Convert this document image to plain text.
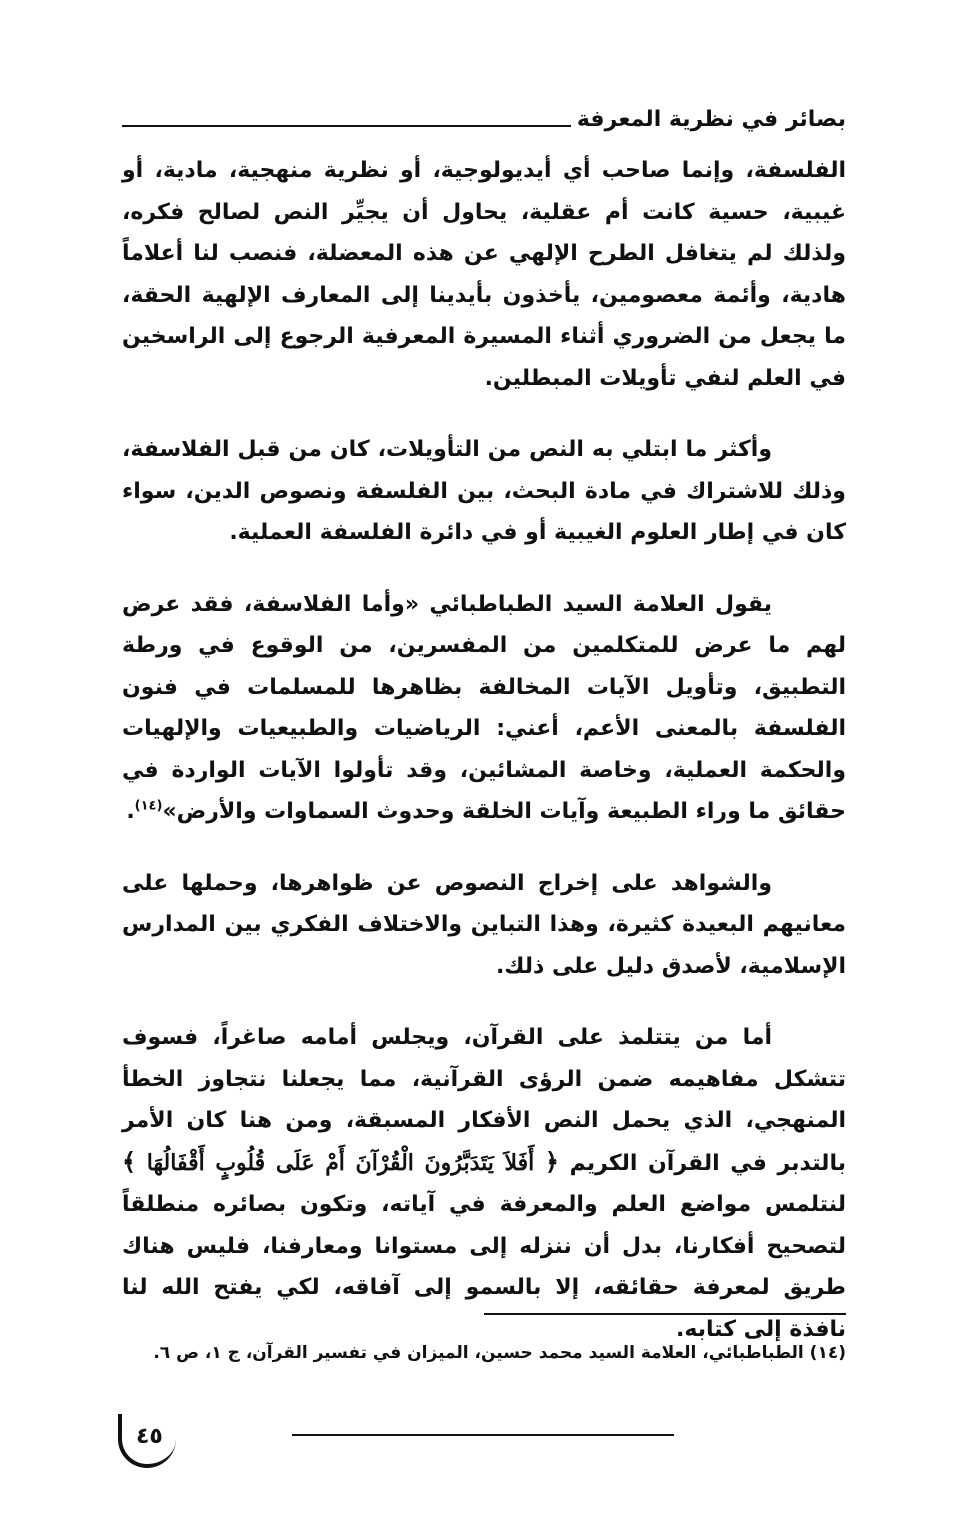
بصائر في نظرية المعرفة

الفلسفة، وإنما صاحب أي أيديولوجية، أو نظرية منهجية، مادية، أو غيبية، حسية كانت أم عقلية، يحاول أن يجيِّر النص لصالح فكره، ولذلك لم يتغافل الطرح الإلهي عن هذه المعضلة، فنصب لنا أعلاماً هادية، وأئمة معصومين، يأخذون بأيدينا إلى المعارف الإلهية الحقة، ما يجعل من الضروري أثناء المسيرة المعرفية الرجوع إلى الراسخين في العلم لنفي تأويلات المبطلين.

وأكثر ما ابتلي به النص من التأويلات، كان من قبل الفلاسفة، وذلك للاشتراك في مادة البحث، بين الفلسفة ونصوص الدين، سواء كان في إطار العلوم الغيبية أو في دائرة الفلسفة العملية.

يقول العلامة السيد الطباطبائي «وأما الفلاسفة، فقد عرض لهم ما عرض للمتكلمين من المفسرين، من الوقوع في ورطة التطبيق، وتأويل الآيات المخالفة بظاهرها للمسلمات في فنون الفلسفة بالمعنى الأعم، أعني: الرياضيات والطبيعيات والإلهيات والحكمة العملية، وخاصة المشائين، وقد تأولوا الآيات الواردة في حقائق ما وراء الطبيعة وآيات الخلقة وحدوث السماوات والأرض»$^{(١٤)}$.

والشواهد على إخراج النصوص عن ظواهرها، وحملها على معانيهم البعيدة كثيرة، وهذا التباين والاختلاف الفكري بين المدارس الإسلامية، لأصدق دليل على ذلك.

أما من يتتلمذ على القرآن، ويجلس أمامه صاغراً، فسوف تتشكل مفاهيمه ضمن الرؤى القرآنية، مما يجعلنا نتجاوز الخطأ المنهجي، الذي يحمل النص الأفكار المسبقة، ومن هنا كان الأمر بالتدبر في القرآن الكريم ﴿ أَفَلاَ يَتَدَبَّرُونَ الْقُرْآنَ أَمْ عَلَى قُلُوبٍ أَقْفَالُهَا ﴾ لنتلمس مواضع العلم والمعرفة في آياته، وتكون بصائره منطلقاً لتصحيح أفكارنا، بدل أن ننزله إلى مستوانا ومعارفنا، فليس هناك طريق لمعرفة حقائقه، إلا بالسمو إلى آفاقه، لكي يفتح الله لنا نافذة إلى كتابه.

(١٤) الطباطبائي، العلامة السيد محمد حسين، الميزان في تفسير القرآن، ج ١، ص ٦.
٤٥
